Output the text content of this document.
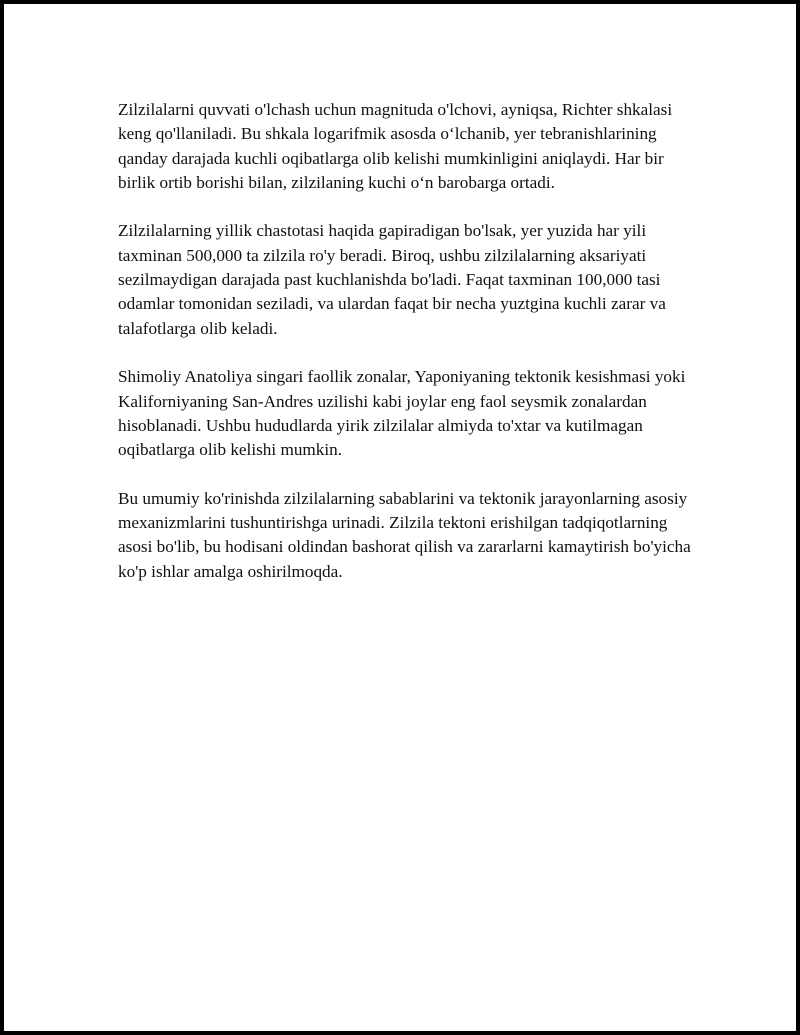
Zilzilalarni quvvati o'lchash uchun magnituda o'lchovi, ayniqsa, Richter shkalasi keng qo'llaniladi. Bu shkala logarifmik asosda o‘lchanib, yer tebranishlarining qanday darajada kuchli oqibatlarga olib kelishi mumkinligini aniqlaydi. Har bir birlik ortib borishi bilan, zilzilaning kuchi o‘n barobarga ortadi.

Zilzilalarning yillik chastotasi haqida gapiradigan bo'lsak, yer yuzida har yili taxminan 500,000 ta zilzila ro'y beradi. Biroq, ushbu zilzilalarning aksariyati sezilmaydigan darajada past kuchlanishda bo'ladi. Faqat taxminan 100,000 tasi odamlar tomonidan seziladi, va ulardan faqat bir necha yuztgina kuchli zarar va talafotlarga olib keladi.

Shimoliy Anatoliya singari faollik zonalar, Yaponiyaning tektonik kesishmasi yoki Kaliforniyaning San-Andres uzilishi kabi joylar eng faol seysmik zonalardan hisoblanadi. Ushbu hududlarda yirik zilzilalar almiyda to'xtar va kutilmagan oqibatlarga olib kelishi mumkin.

Bu umumiy ko'rinishda zilzilalarning sabablarini va tektonik jarayonlarning asosiy mexanizmlarini tushuntirishga urinadi. Zilzila tektoni erishilgan tadqiqotlarning asosi bo'lib, bu hodisani oldindan bashorat qilish va zararlarni kamaytirish bo'yicha ko'p ishlar amalga oshirilmoqda.
